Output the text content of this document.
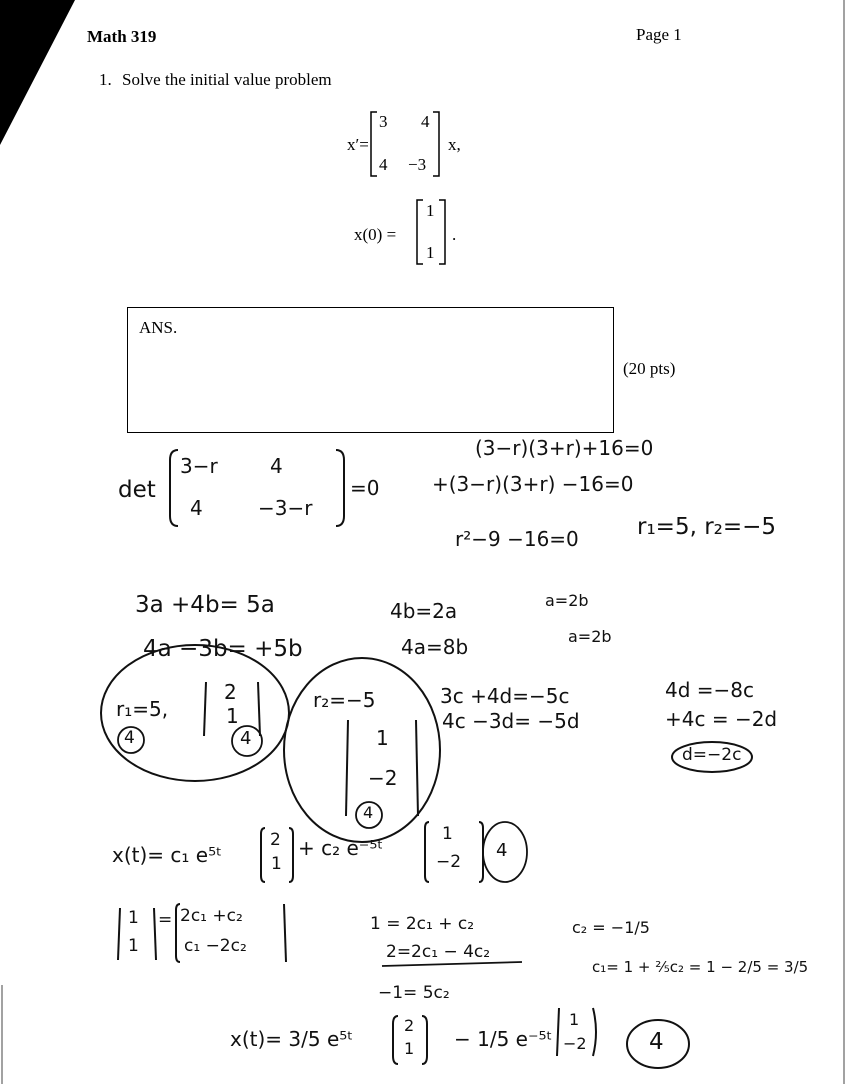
Math 319	Page 1
1. Solve the initial value problem
x′=
3 4
4 −3
x,
x(0) =
1
1
.
ANS.
(20 pts)
det
3−r	4
4	−3−r
=0
(3−r)(3+r)+16=0
+(3−r)(3+r) −16=0
r²−9 −16=0	r₁=5, r₂=−5
3a +4b= 5a
4a −3b= +5b
4b=2a
4a=8b
a=2b
a=2b
r₁=5,
2
1
4	4
r₂=−5
1
−2
4
3c +4d=−5c
4c −3d= −5d
4d =−8c
+4c = −2d
d=−2c
x(t)= c₁ e⁵ᵗ
2
1
+ c₂ e⁻⁵ᵗ
1
−2
4
1
1
= 2c₁ +c₂
c₁ −2c₂
1 = 2c₁ + c₂
2=2c₁ − 4c₂
−1= 5c₂
c₂ = −1/5
c₁= 1 + ⅖c₂ = 1 − 2/5 = 3/5
x(t)= 3/5 e⁵ᵗ
2
1 − 1/5 e⁻⁵ᵗ
1
−2	4
